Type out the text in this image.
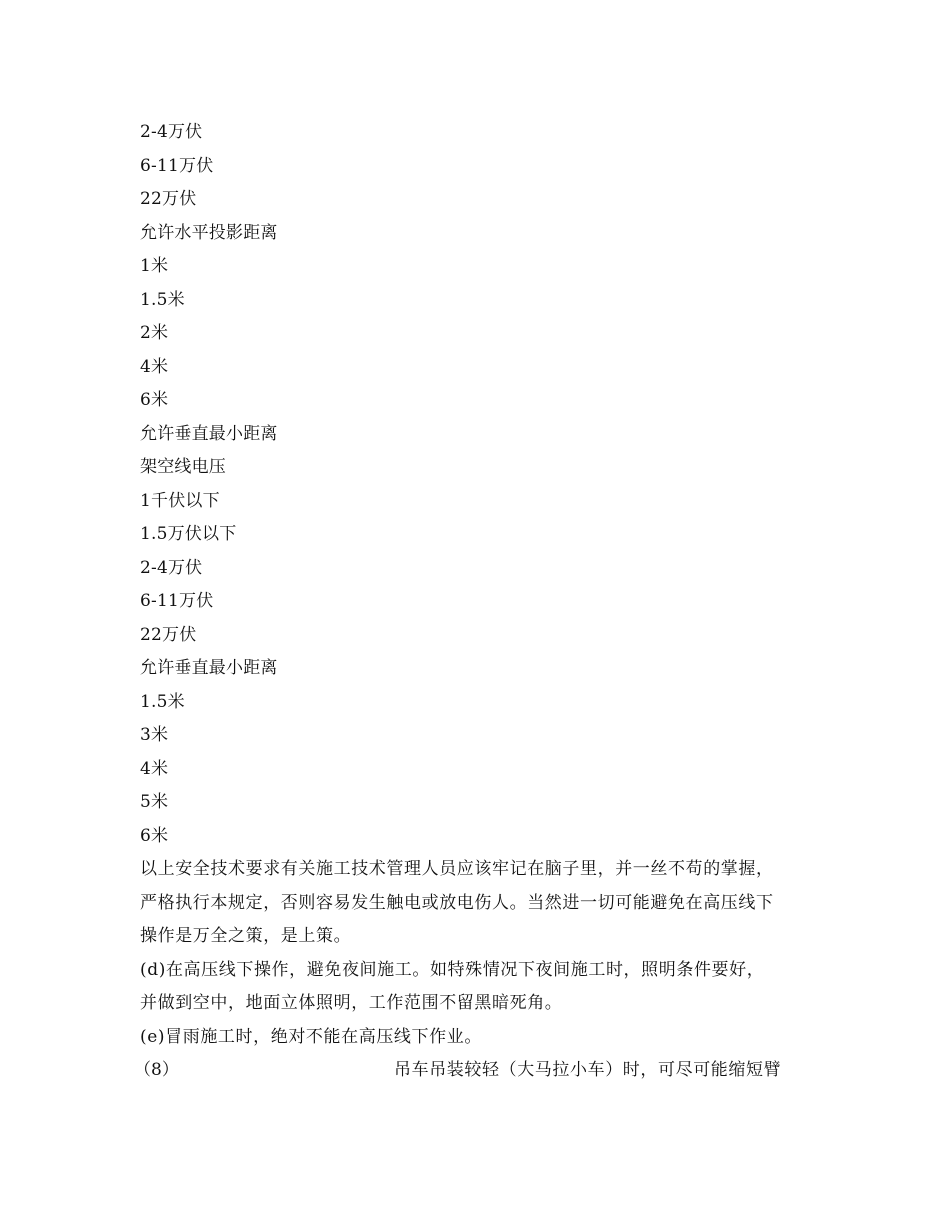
2-4万伏
6-11万伏
22万伏
允许水平投影距离
1米
1.5米
2米
4米
6米
允许垂直最小距离
架空线电压
1千伏以下
1.5万伏以下
2-4万伏
6-11万伏
22万伏
允许垂直最小距离
1.5米
3米
4米
5米
6米
以上安全技术要求有关施工技术管理人员应该牢记在脑子里，并一丝不苟的掌握，
严格执行本规定，否则容易发生触电或放电伤人。当然进一切可能避免在高压线下
操作是万全之策，是上策。
(d)在高压线下操作，避免夜间施工。如特殊情况下夜间施工时，照明条件要好，
并做到空中，地面立体照明，工作范围不留黑暗死角。
(e)冒雨施工时，绝对不能在高压线下作业。
（8）	吊车吊装较轻（大马拉小车）时，可尽可能缩短臂
